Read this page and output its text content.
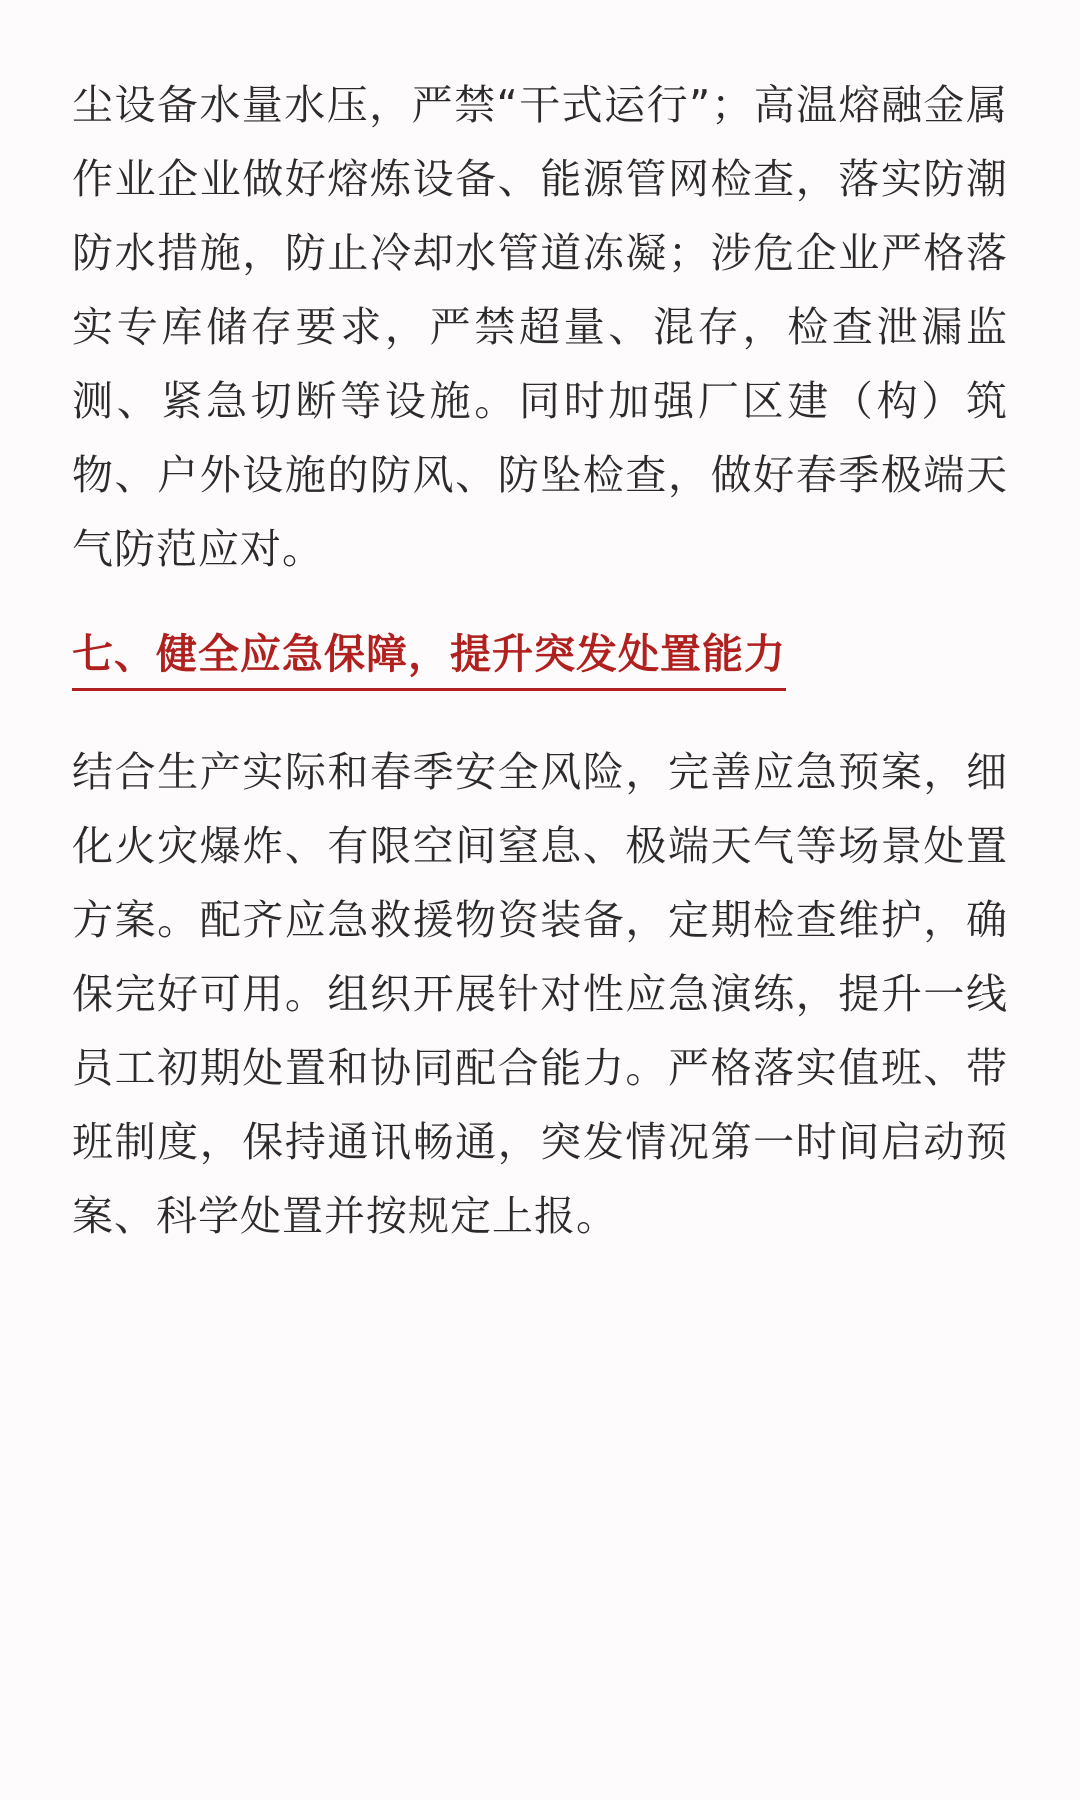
尘设备水量水压，严禁“干式运行”；高温熔融金属作业企业做好熔炼设备、能源管网检查，落实防潮防水措施，防止冷却水管道冻凝；涉危企业严格落实专库储存要求，严禁超量、混存，检查泄漏监测、紧急切断等设施。同时加强厂区建（构）筑物、户外设施的防风、防坠检查，做好春季极端天气防范应对。

七、健全应急保障，提升突发处置能力

结合生产实际和春季安全风险，完善应急预案，细化火灾爆炸、有限空间窒息、极端天气等场景处置方案。配齐应急救援物资装备，定期检查维护，确保完好可用。组织开展针对性应急演练，提升一线员工初期处置和协同配合能力。严格落实值班、带班制度，保持通讯畅通，突发情况第一时间启动预案、科学处置并按规定上报。
